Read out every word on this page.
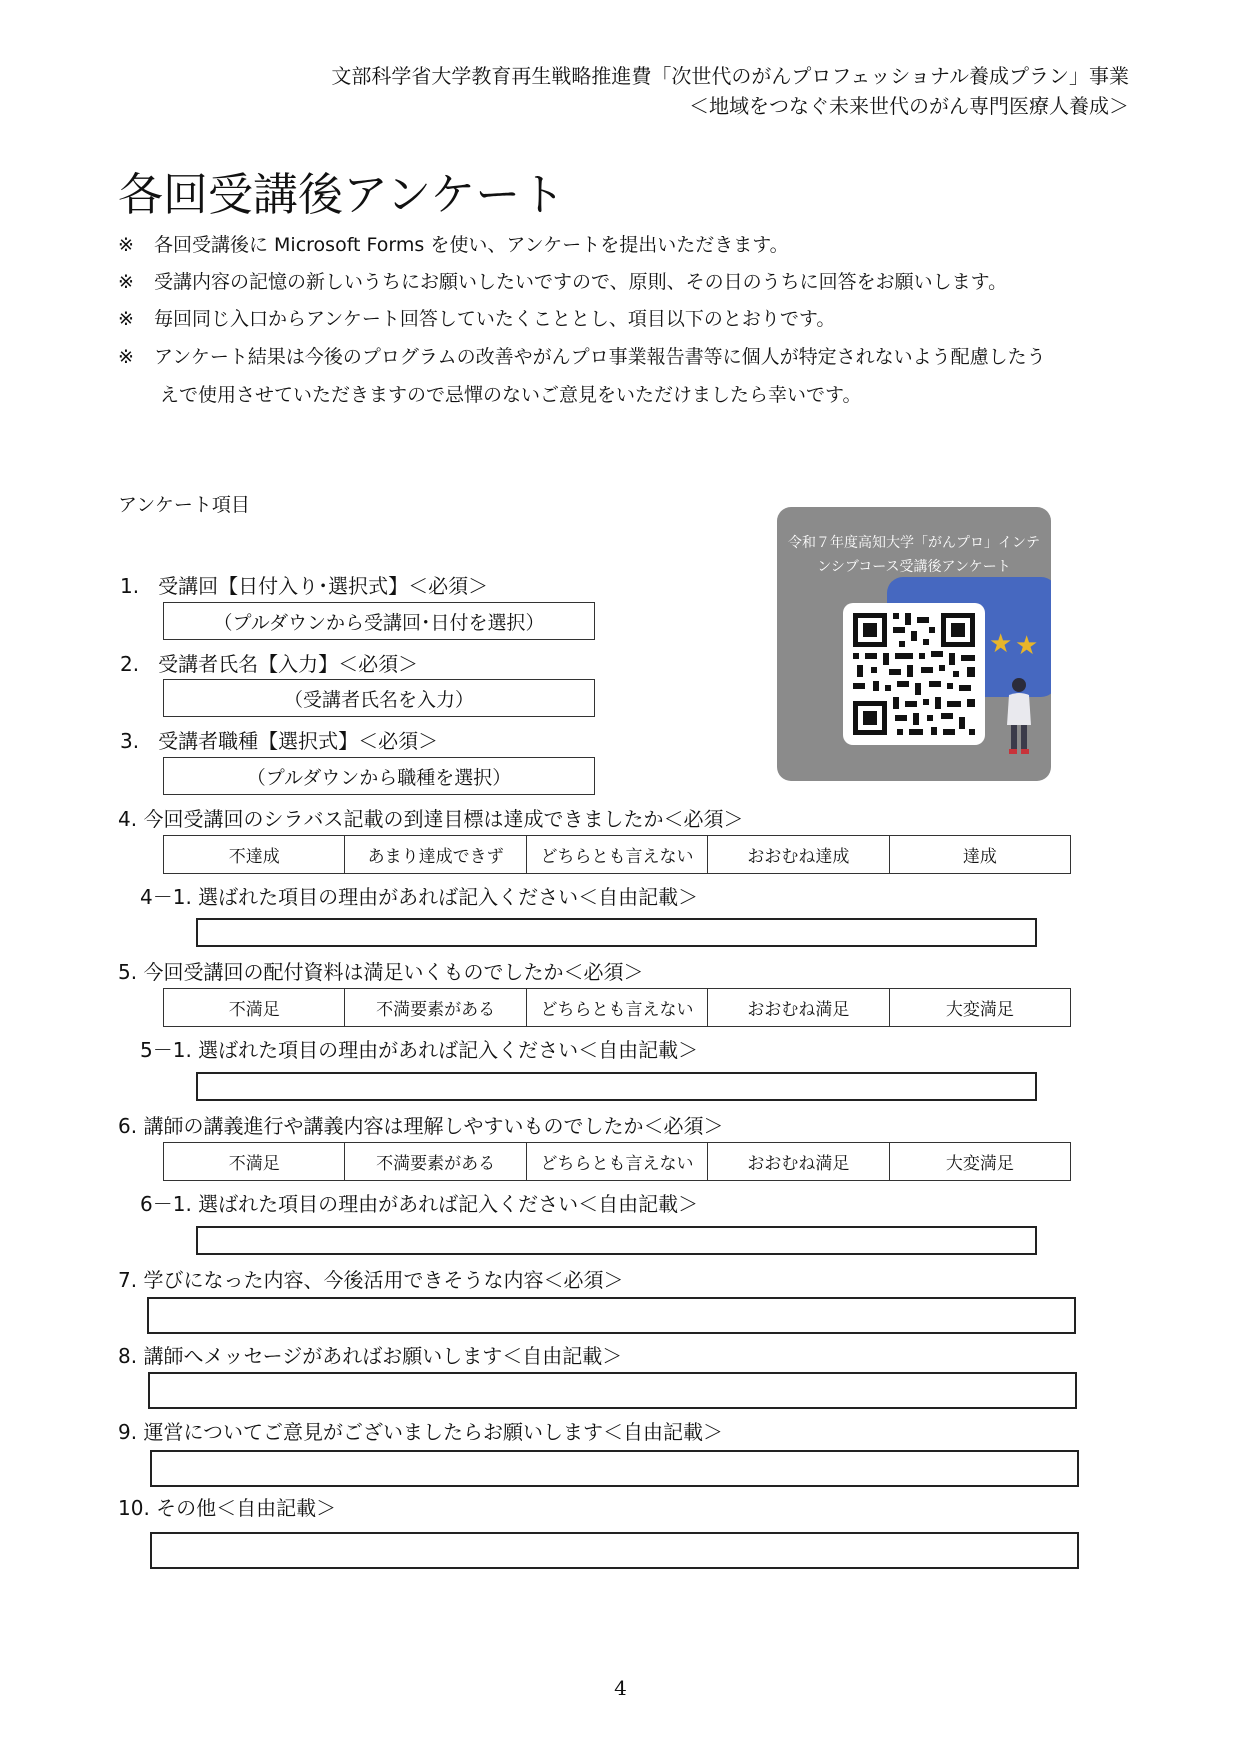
文部科学省大学教育再生戦略推進費「次世代のがんプロフェッショナル養成プラン」事業
＜地域をつなぐ未来世代のがん専門医療人養成＞
各回受講後アンケート
※ 各回受講後に Microsoft Forms を使い、アンケートを提出いただきます。
※ 受講内容の記憶の新しいうちにお願いしたいですので、原則、その日のうちに回答をお願いします。
※ 毎回同じ入口からアンケート回答していたくこととし、項目以下のとおりです。
※ アンケート結果は今後のプログラムの改善やがんプロ事業報告書等に個人が特定されないよう配慮したう
えで使用させていただきますので忌憚のないご意見をいただけましたら幸いです。
アンケート項目
令和７年度高知大学「がんプロ」インテ
ンシブコース受講後アンケート
★ ★
1. 受講回【日付入り･選択式】＜必須＞
（プルダウンから受講回･日付を選択）
2. 受講者氏名【入力】＜必須＞
（受講者氏名を入力）
3. 受講者職種【選択式】＜必須＞
（プルダウンから職種を選択）
4. 今回受講回のシラバス記載の到達目標は達成できましたか＜必須＞
不達成	あまり達成できず	どちらとも言えない	おおむね達成	達成
4－1. 選ばれた項目の理由があれば記入ください＜自由記載＞
5. 今回受講回の配付資料は満足いくものでしたか＜必須＞
不満足	不満要素がある	どちらとも言えない	おおむね満足	大変満足
5－1. 選ばれた項目の理由があれば記入ください＜自由記載＞
6. 講師の講義進行や講義内容は理解しやすいものでしたか＜必須＞
不満足	不満要素がある	どちらとも言えない	おおむね満足	大変満足
6－1. 選ばれた項目の理由があれば記入ください＜自由記載＞
7. 学びになった内容、今後活用できそうな内容＜必須＞
8. 講師へメッセージがあればお願いします＜自由記載＞
9. 運営についてご意見がございましたらお願いします＜自由記載＞
10. その他＜自由記載＞
4
